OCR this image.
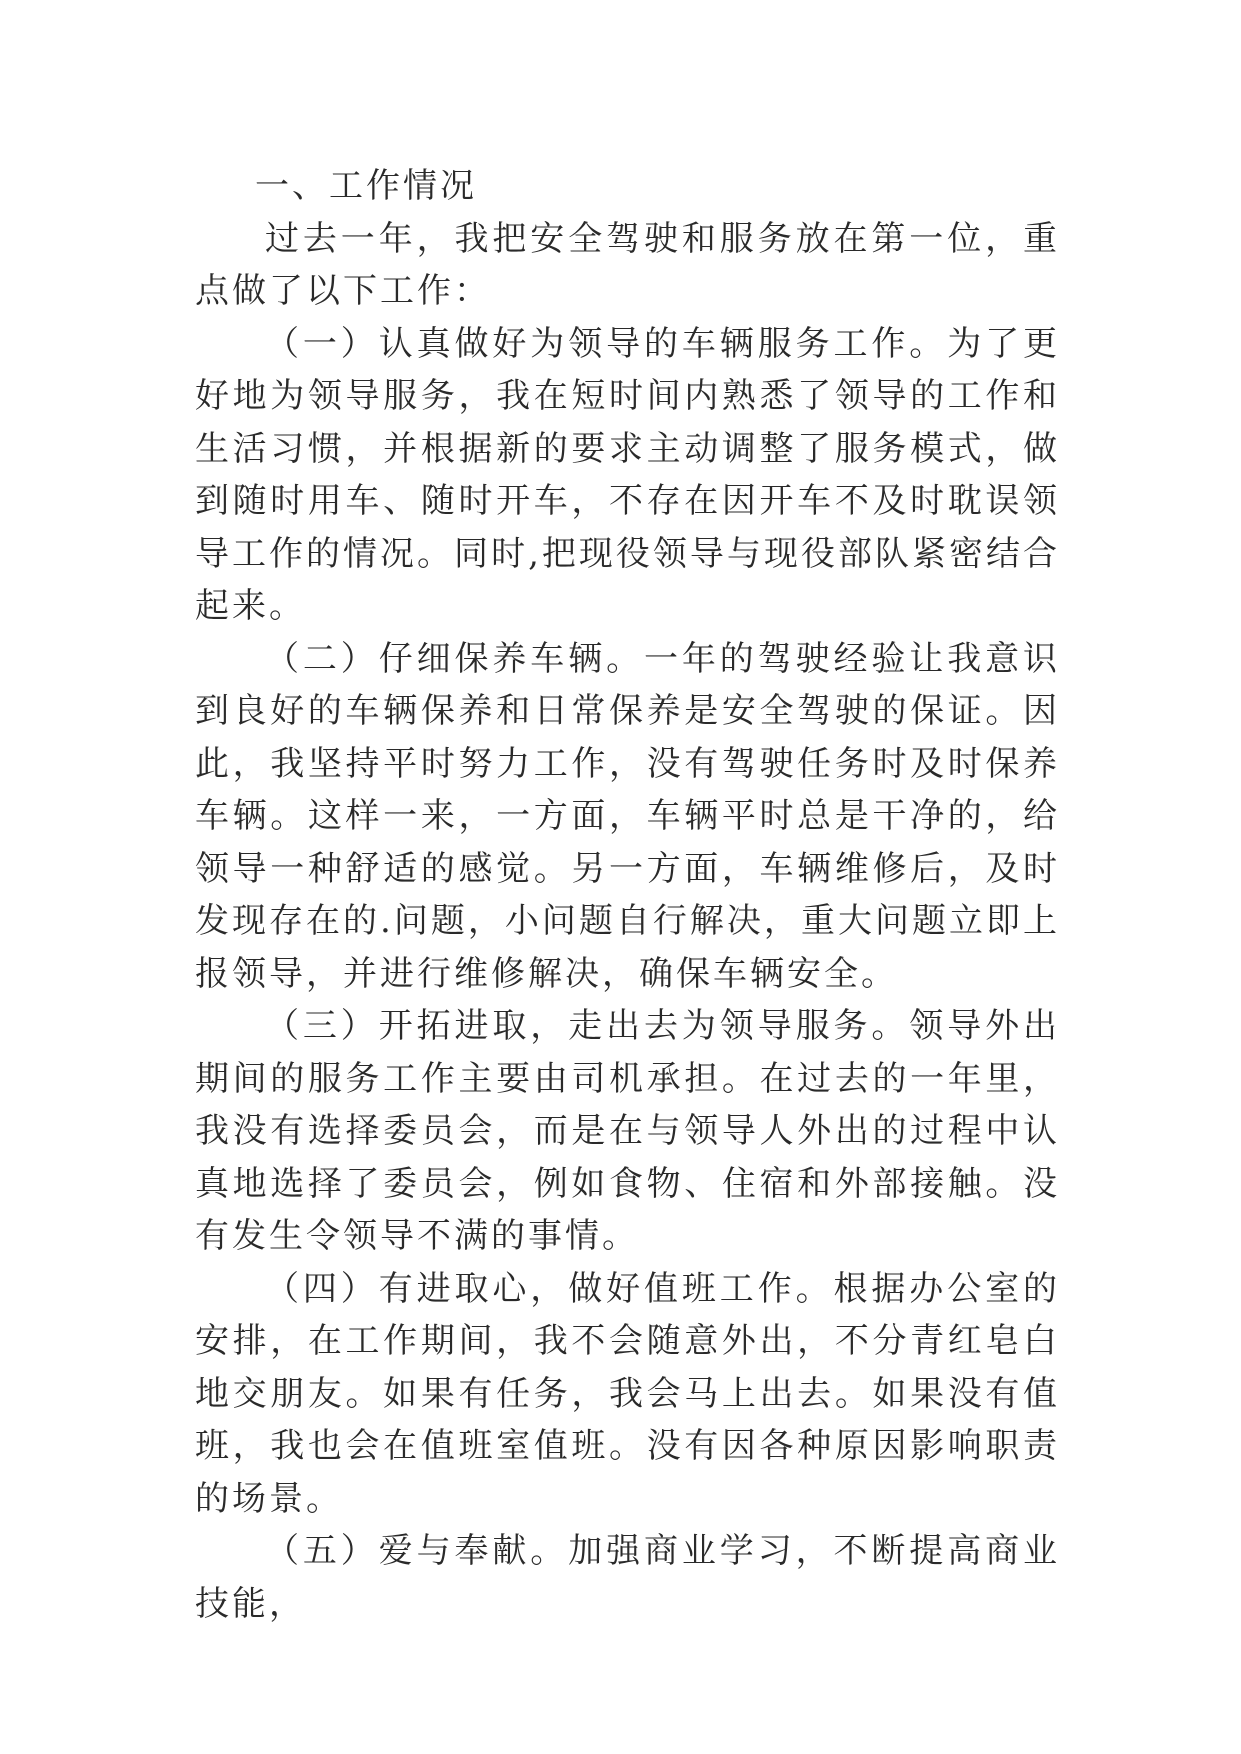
一、工作情况

过去一年，我把安全驾驶和服务放在第一位，重点做了以下工作：

（一）认真做好为领导的车辆服务工作。为了更好地为领导服务，我在短时间内熟悉了领导的工作和生活习惯，并根据新的要求主动调整了服务模式，做到随时用车、随时开车，不存在因开车不及时耽误领导工作的情况。同时,把现役领导与现役部队紧密结合起来。

（二）仔细保养车辆。一年的驾驶经验让我意识到良好的车辆保养和日常保养是安全驾驶的保证。因此，我坚持平时努力工作，没有驾驶任务时及时保养车辆。这样一来，一方面，车辆平时总是干净的，给领导一种舒适的感觉。另一方面，车辆维修后，及时发现存在的.问题，小问题自行解决，重大问题立即上报领导，并进行维修解决，确保车辆安全。

（三）开拓进取，走出去为领导服务。领导外出期间的服务工作主要由司机承担。在过去的一年里，我没有选择委员会，而是在与领导人外出的过程中认真地选择了委员会，例如食物、住宿和外部接触。没有发生令领导不满的事情。

（四）有进取心，做好值班工作。根据办公室的安排，在工作期间，我不会随意外出，不分青红皂白地交朋友。如果有任务，我会马上出去。如果没有值班，我也会在值班室值班。没有因各种原因影响职责的场景。

（五）爱与奉献。加强商业学习，不断提高商业技能，
